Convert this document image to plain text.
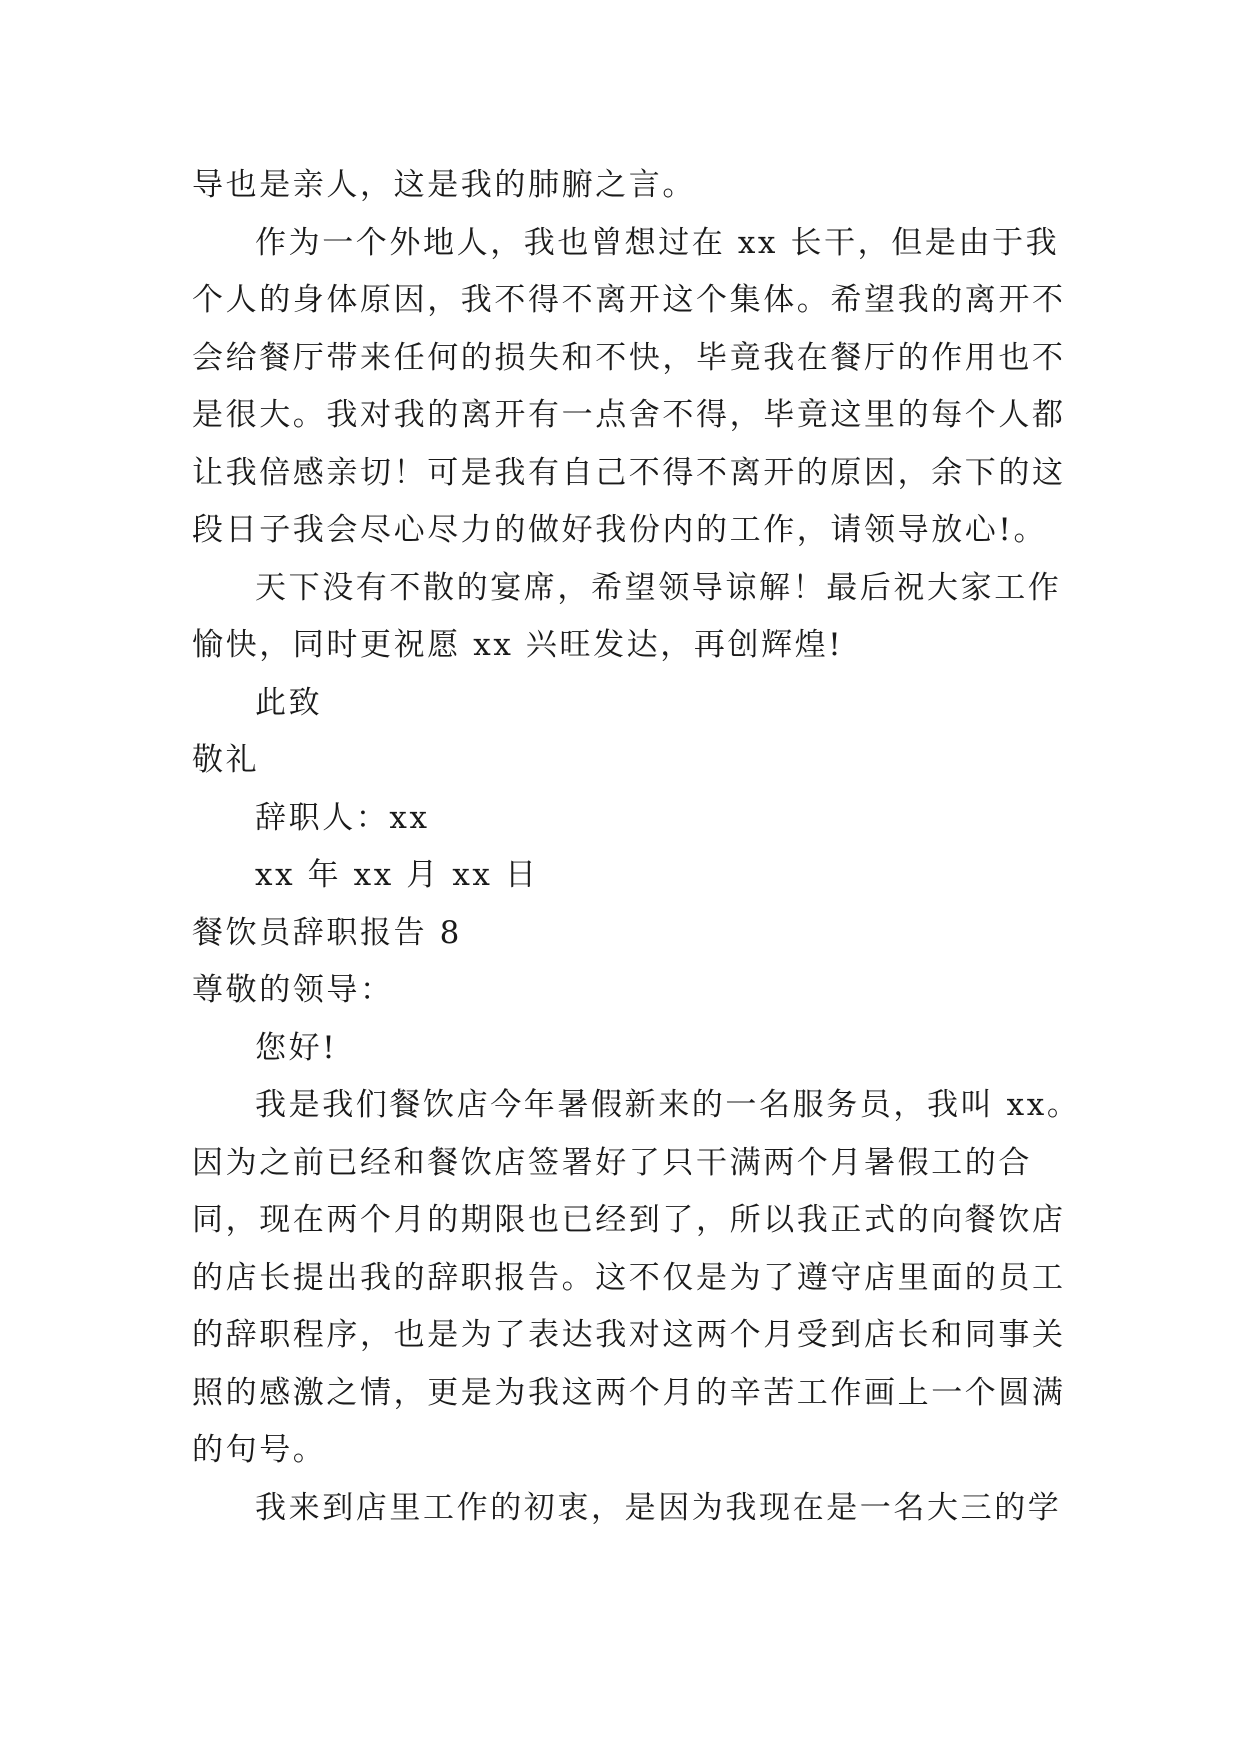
导也是亲人，这是我的肺腑之言。
作为一个外地人，我也曾想过在 xx 长干，但是由于我
个人的身体原因，我不得不离开这个集体。希望我的离开不
会给餐厅带来任何的损失和不快，毕竟我在餐厅的作用也不
是很大。我对我的离开有一点舍不得，毕竟这里的每个人都
让我倍感亲切！可是我有自己不得不离开的原因，余下的这
段日子我会尽心尽力的做好我份内的工作，请领导放心!。
天下没有不散的宴席，希望领导谅解！最后祝大家工作
愉快，同时更祝愿 xx 兴旺发达，再创辉煌!
此致
敬礼
辞职人：xx
xx 年 xx 月 xx 日
餐饮员辞职报告 8
尊敬的领导：
您好!
我是我们餐饮店今年暑假新来的一名服务员，我叫 xx。
因为之前已经和餐饮店签署好了只干满两个月暑假工的合
同，现在两个月的期限也已经到了，所以我正式的向餐饮店
的店长提出我的辞职报告。这不仅是为了遵守店里面的员工
的辞职程序，也是为了表达我对这两个月受到店长和同事关
照的感激之情，更是为我这两个月的辛苦工作画上一个圆满
的句号。
我来到店里工作的初衷，是因为我现在是一名大三的学
